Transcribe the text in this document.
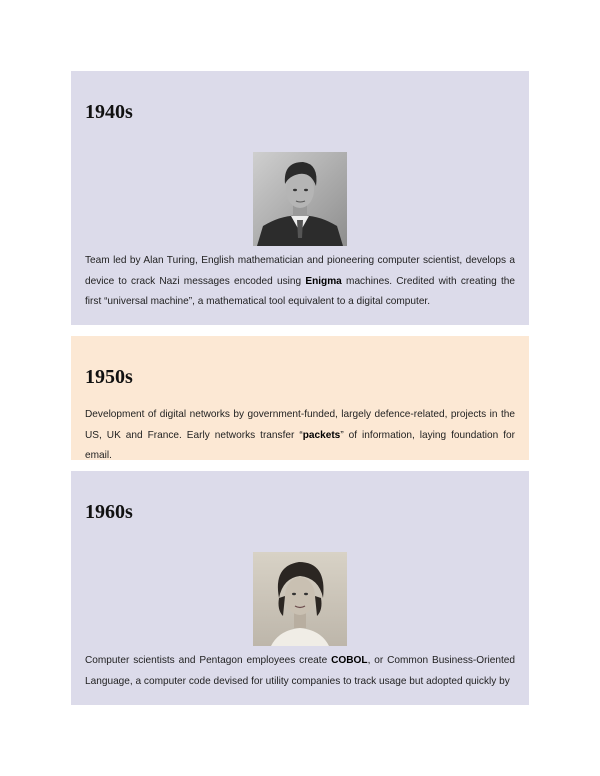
1940s

Team led by Alan Turing, English mathematician and pioneering computer scientist, develops a device to crack Nazi messages encoded using Enigma machines. Credited with creating the first “universal machine”, a mathematical tool equivalent to a digital computer.

1950s

Development of digital networks by government-funded, largely defence-related, projects in the US, UK and France. Early networks transfer “packets” of information, laying foundation for email.

1960s

Computer scientists and Pentagon employees create COBOL, or Common Business-Oriented Language, a computer code devised for utility companies to track usage but adopted quickly by
